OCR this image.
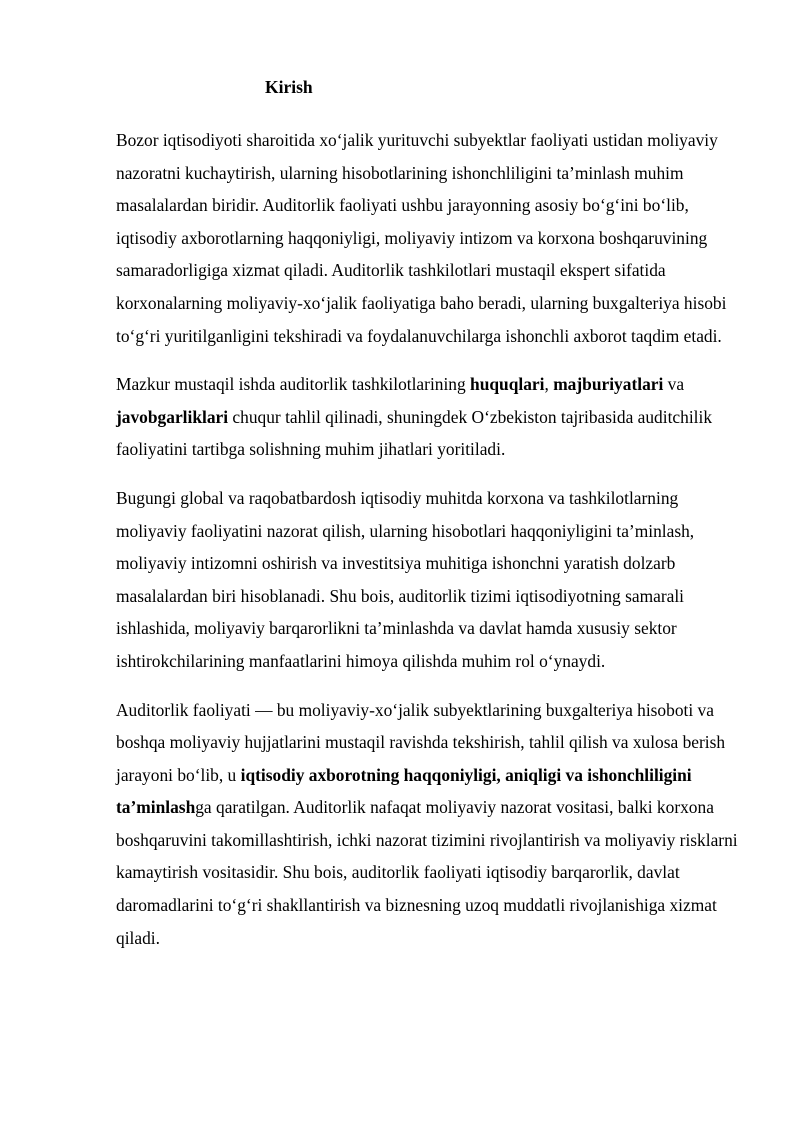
Kirish

Bozor iqtisodiyoti sharoitida xo‘jalik yurituvchi subyektlar faoliyati ustidan moliyaviy nazoratni kuchaytirish, ularning hisobotlarining ishonchliligini ta’minlash muhim masalalardan biridir. Auditorlik faoliyati ushbu jarayonning asosiy bo‘g‘ini bo‘lib, iqtisodiy axborotlarning haqqoniyligi, moliyaviy intizom va korxona boshqaruvining samaradorligiga xizmat qiladi. Auditorlik tashkilotlari mustaqil ekspert sifatida korxonalarning moliyaviy-xo‘jalik faoliyatiga baho beradi, ularning buxgalteriya hisobi to‘g‘ri yuritilganligini tekshiradi va foydalanuvchilarga ishonchli axborot taqdim etadi.

Mazkur mustaqil ishda auditorlik tashkilotlarining huquqlari, majburiyatlari va javobgarliklari chuqur tahlil qilinadi, shuningdek O‘zbekiston tajribasida auditchilik faoliyatini tartibga solishning muhim jihatlari yoritiladi.

Bugungi global va raqobatbardosh iqtisodiy muhitda korxona va tashkilotlarning moliyaviy faoliyatini nazorat qilish, ularning hisobotlari haqqoniyligini ta’minlash, moliyaviy intizomni oshirish va investitsiya muhitiga ishonchni yaratish dolzarb masalalardan biri hisoblanadi. Shu bois, auditorlik tizimi iqtisodiyotning samarali ishlashida, moliyaviy barqarorlikni ta’minlashda va davlat hamda xususiy sektor ishtirokchilarining manfaatlarini himoya qilishda muhim rol o‘ynaydi.

Auditorlik faoliyati — bu moliyaviy-xo‘jalik subyektlarining buxgalteriya hisoboti va boshqa moliyaviy hujjatlarini mustaqil ravishda tekshirish, tahlil qilish va xulosa berish jarayoni bo‘lib, u iqtisodiy axborotning haqqoniyligi, aniqligi va ishonchliligini ta’minlashga qaratilgan. Auditorlik nafaqat moliyaviy nazorat vositasi, balki korxona boshqaruvini takomillashtirish, ichki nazorat tizimini rivojlantirish va moliyaviy risklarni kamaytirish vositasidir. Shu bois, auditorlik faoliyati iqtisodiy barqarorlik, davlat daromadlarini to‘g‘ri shakllantirish va biznesning uzoq muddatli rivojlanishiga xizmat qiladi.
